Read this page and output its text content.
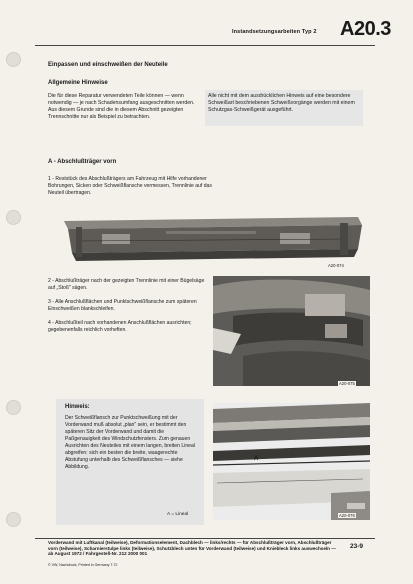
Instandsetzungsarbeiten Typ 2 A20.3
Einpassen und einschweißen der Neuteile
Allgemeine Hinweise
Die für diese Reparatur verwendeten Teile können — wenn notwendig — je nach Schadensumfang ausgeschnitten werden. Aus diesem Grunde sind die in diesem Abschnitt gezeigten Trennschnitte nur als Beispiel zu betrachten.
Alle nicht mit dem ausdrücklichen Hinweis auf eine besondere Schweißart beschriebenen Schweißvorgänge werden mit einem Schutzgas-Schweißgerät ausgeführt.
A - Abschlußträger vorn
1 - Reststück des Abschlußträgers am Fahrzeug mit Hilfe vorhandener Bohrungen, Sicken oder Schweißflansche vermessen, Trennlinie auf das Neuteil übertragen.
A20-074
2 - Abschlußträger nach der gezeigten Trennlinie mit einer Bügelsäge auf „Stoß" sägen.
3 - Alle Anschlußflächen und Punktschweißflansche zum späteren Einschweißen blankschleifen.
4 - Abschlußteil nach vorhandenen Anschlußflächen ausrichten; gegebenenfalls reichlich vorheften.
A20-075
Hinweis:
Der Schweißflansch zur Punktschweißung mit der Vorderwand muß absolut „plan" sein, er bestimmt den späteren Sitz der Vorderwand und damit die Paßgenauigkeit des Windschutzfensters. Zum genauen Ausrichten des Neuteiles mit einem langen, breiten Lineal abgreifen: sich ein besten die breite, waagerechte Abstufung unterhalb des Schweißflansches — siehe Abbildung.
A = Lineal
A
A20-076
Vorderwand mit Luftkanal (teilweise), Deformationselement, Dachblech — links/rechts — für Abschlußträger vorn, Abschlußträger vorn (teilweise), Scharnierstulpe links (teilweise), Schutzblech unten für Vorderwand (teilweise) und Kniebleck links auswechseln — ab August 1972 / Fahrgestell-Nr. 212 2000 001
© VW, Nachdruck, Printed in Germany 7.72
23-9
